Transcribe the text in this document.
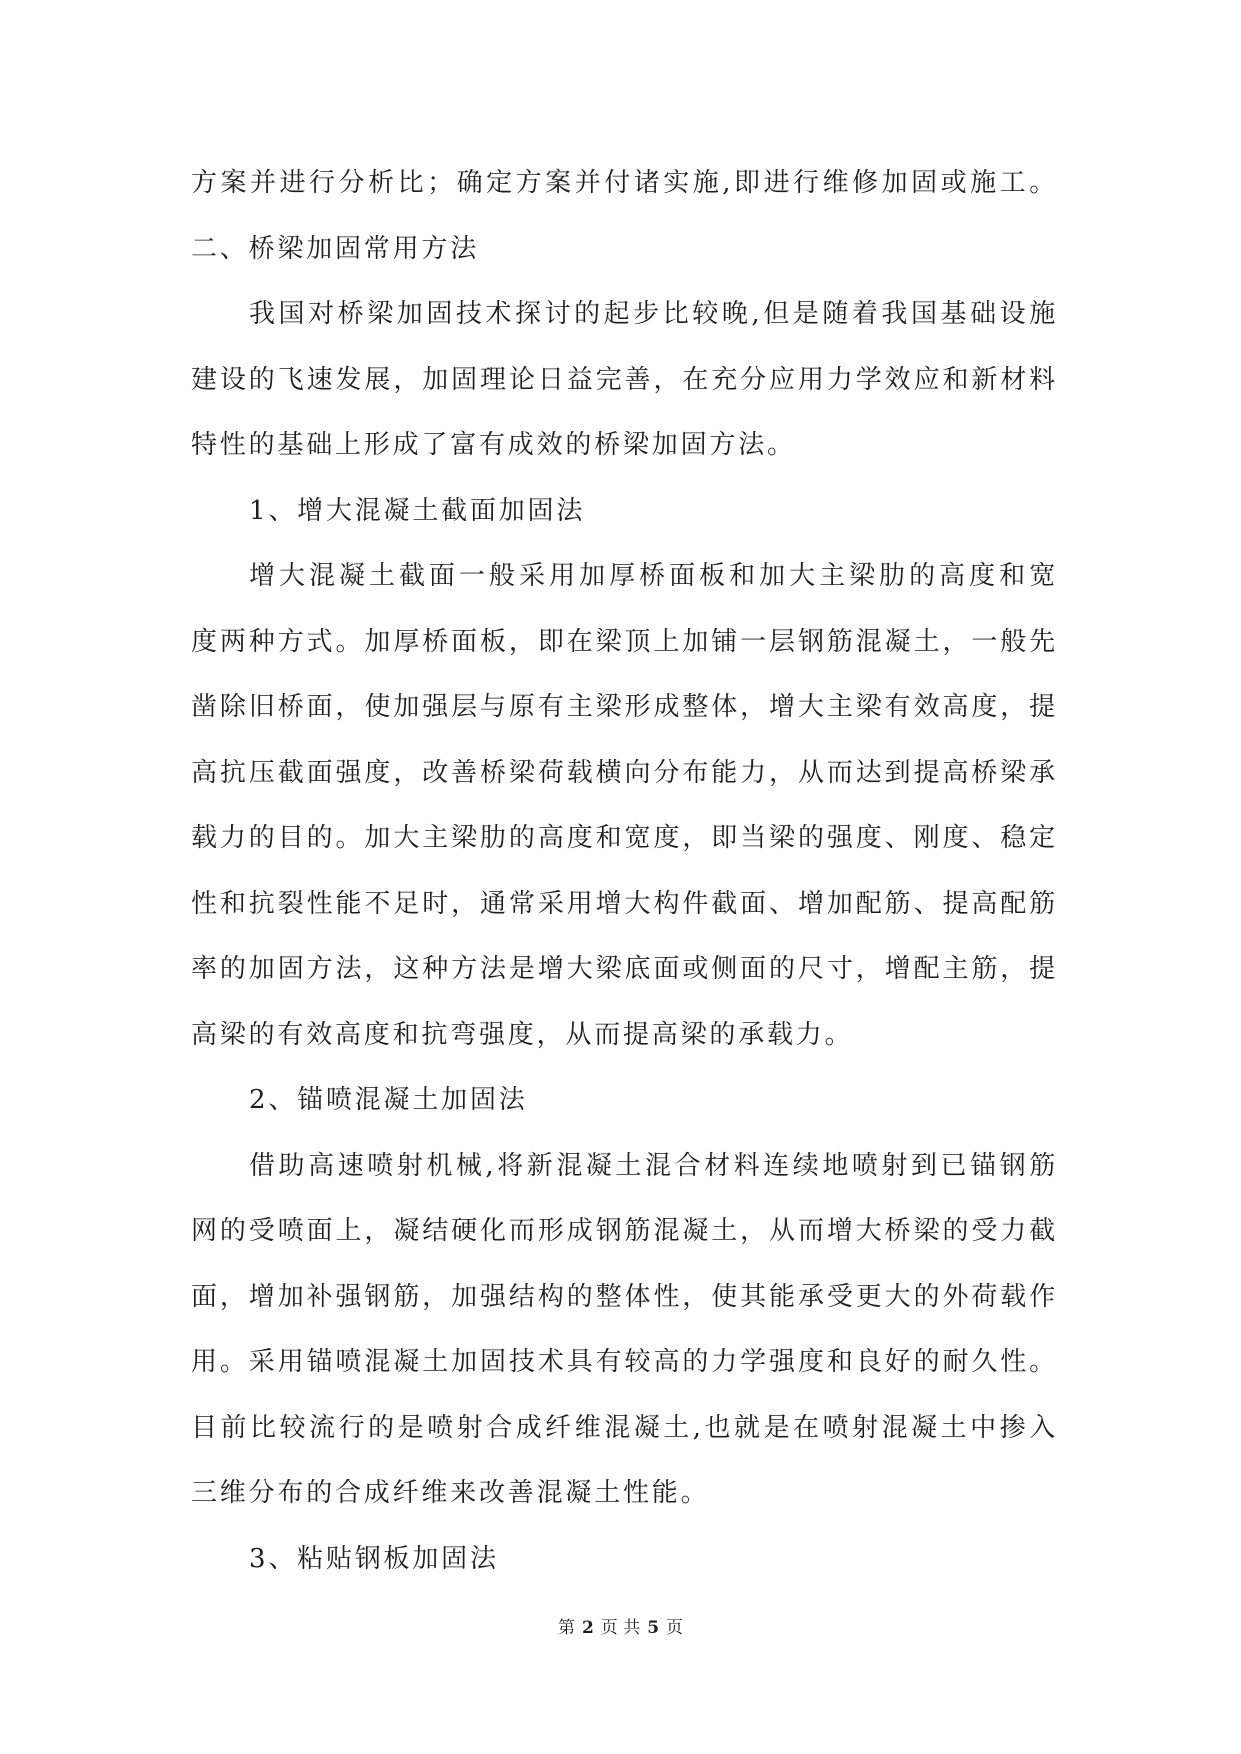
方案并进行分析比；确定方案并付诸实施,即进行维修加固或施工。
二、桥梁加固常用方法
我国对桥梁加固技术探讨的起步比较晚,但是随着我国基础设施
建设的飞速发展，加固理论日益完善，在充分应用力学效应和新材料
特性的基础上形成了富有成效的桥梁加固方法。
1、增大混凝土截面加固法
增大混凝土截面一般采用加厚桥面板和加大主梁肋的高度和宽
度两种方式。加厚桥面板，即在梁顶上加铺一层钢筋混凝土，一般先
凿除旧桥面，使加强层与原有主梁形成整体，增大主梁有效高度，提
高抗压截面强度，改善桥梁荷载横向分布能力，从而达到提高桥梁承
载力的目的。加大主梁肋的高度和宽度，即当梁的强度、刚度、稳定
性和抗裂性能不足时，通常采用增大构件截面、增加配筋、提高配筋
率的加固方法，这种方法是增大梁底面或侧面的尺寸，增配主筋，提
高梁的有效高度和抗弯强度，从而提高梁的承载力。
2、锚喷混凝土加固法
借助高速喷射机械,将新混凝土混合材料连续地喷射到已锚钢筋
网的受喷面上，凝结硬化而形成钢筋混凝土，从而增大桥梁的受力截
面，增加补强钢筋，加强结构的整体性，使其能承受更大的外荷载作
用。采用锚喷混凝土加固技术具有较高的力学强度和良好的耐久性。
目前比较流行的是喷射合成纤维混凝土,也就是在喷射混凝土中掺入
三维分布的合成纤维来改善混凝土性能。
3、粘贴钢板加固法
第 2 页 共 5 页
